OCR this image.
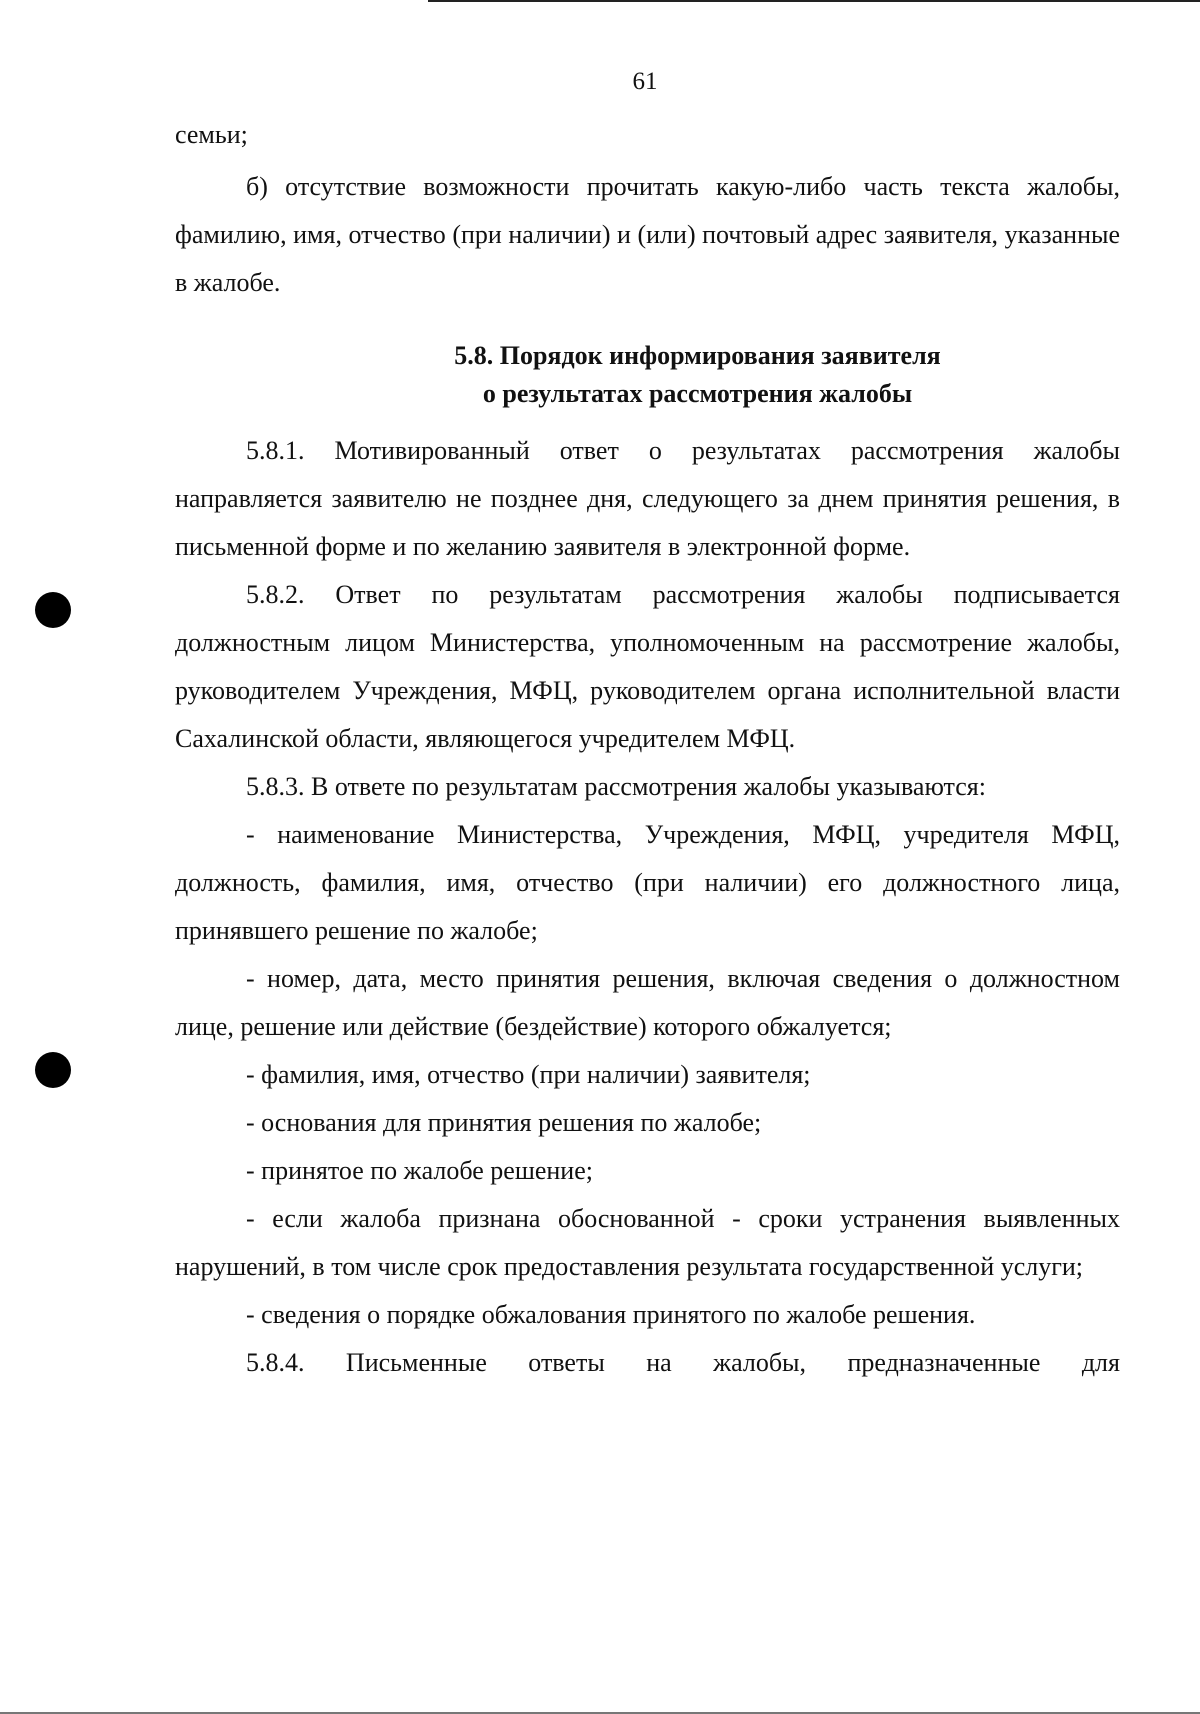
61

семьи;

б) отсутствие возможности прочитать какую-либо часть текста жалобы, фамилию, имя, отчество (при наличии) и (или) почтовый адрес заявителя, указанные в жалобе.

5.8. Порядок информирования заявителя
о результатах рассмотрения жалобы

5.8.1. Мотивированный ответ о результатах рассмотрения жалобы направляется заявителю не позднее дня, следующего за днем принятия решения, в письменной форме и по желанию заявителя в электронной форме.

5.8.2. Ответ по результатам рассмотрения жалобы подписывается должностным лицом Министерства, уполномоченным на рассмотрение жалобы, руководителем Учреждения, МФЦ, руководителем органа исполнительной власти Сахалинской области, являющегося учредителем МФЦ.

5.8.3. В ответе по результатам рассмотрения жалобы указываются:

- наименование Министерства, Учреждения, МФЦ, учредителя МФЦ, должность, фамилия, имя, отчество (при наличии) его должностного лица, принявшего решение по жалобе;

- номер, дата, место принятия решения, включая сведения о должностном лице, решение или действие (бездействие) которого обжалуется;

- фамилия, имя, отчество (при наличии) заявителя;

- основания для принятия решения по жалобе;

- принятое по жалобе решение;

- если жалоба признана обоснованной - сроки устранения выявленных нарушений, в том числе срок предоставления результата государственной услуги;

- сведения о порядке обжалования принятого по жалобе решения.

5.8.4. Письменные ответы на жалобы, предназначенные для
